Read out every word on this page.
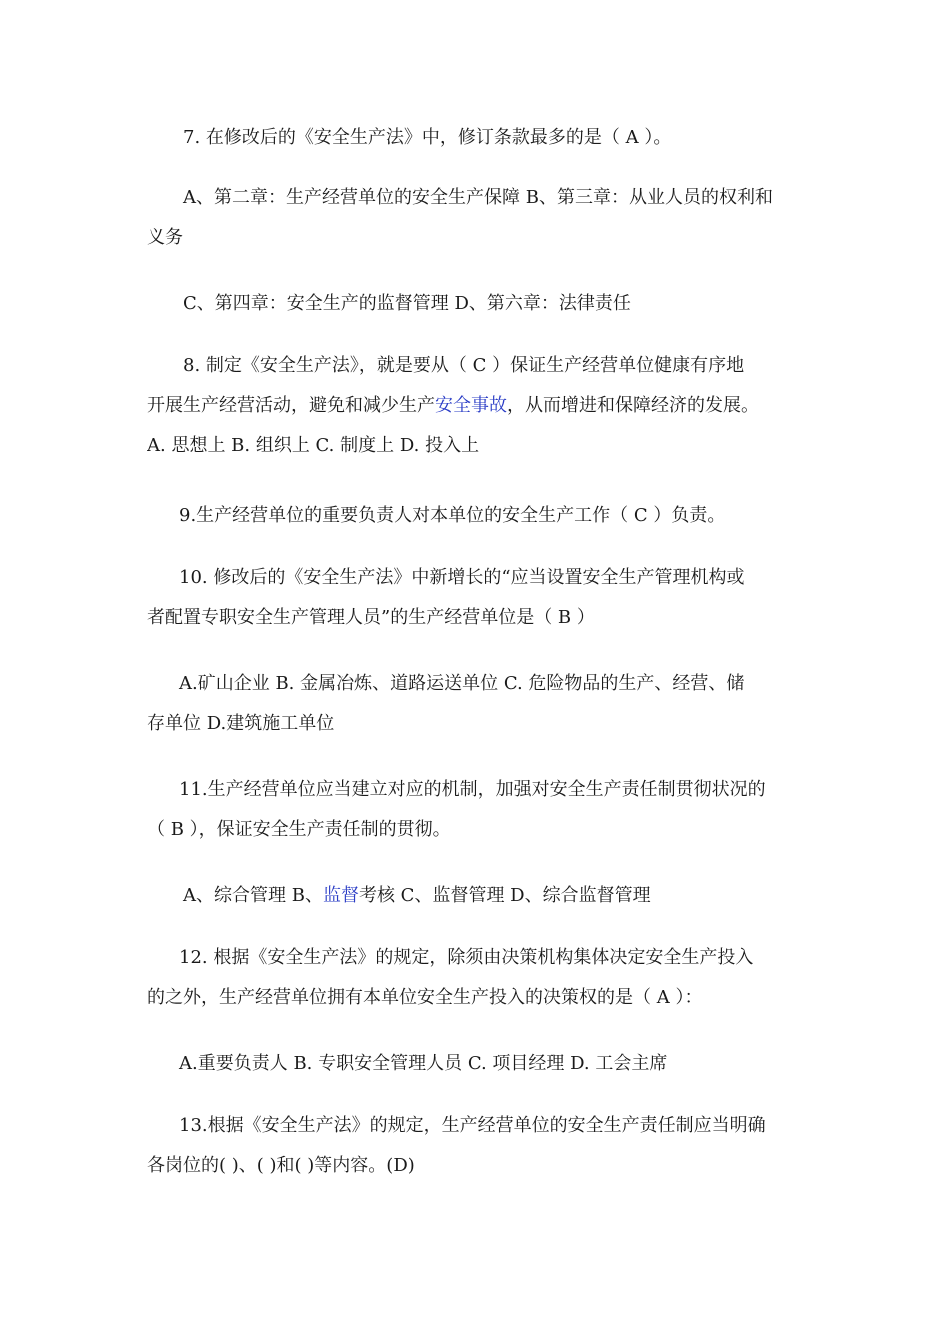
7. 在修改后的《安全生产法》中，修订条款最多的是（ A ）。
A、第二章：生产经营单位的安全生产保障 B、第三章：从业人员的权利和
义务
C、第四章：安全生产的监督管理 D、第六章：法律责任
8. 制定《安全生产法》，就是要从（ C ）保证生产经营单位健康有序地
开展生产经营活动，避免和减少生产安全事故，从而增进和保障经济的发展。
A. 思想上 B. 组织上 C. 制度上 D. 投入上
9.生产经营单位的重要负责人对本单位的安全生产工作（ C ）负责。
10. 修改后的《安全生产法》中新增长的“应当设置安全生产管理机构或
者配置专职安全生产管理人员”的生产经营单位是（ B ）
A.矿山企业 B. 金属冶炼、道路运送单位 C. 危险物品的生产、经营、储
存单位 D.建筑施工单位
11.生产经营单位应当建立对应的机制，加强对安全生产责任制贯彻状况的
（ B ），保证安全生产责任制的贯彻。
A、综合管理 B、监督考核 C、监督管理 D、综合监督管理
12. 根据《安全生产法》的规定，除须由决策机构集体决定安全生产投入
的之外，生产经营单位拥有本单位安全生产投入的决策权的是（ A ）：
A.重要负责人 B. 专职安全管理人员 C. 项目经理 D. 工会主席
13.根据《安全生产法》的规定，生产经营单位的安全生产责任制应当明确
各岗位的( )、( )和( )等内容。(D)
